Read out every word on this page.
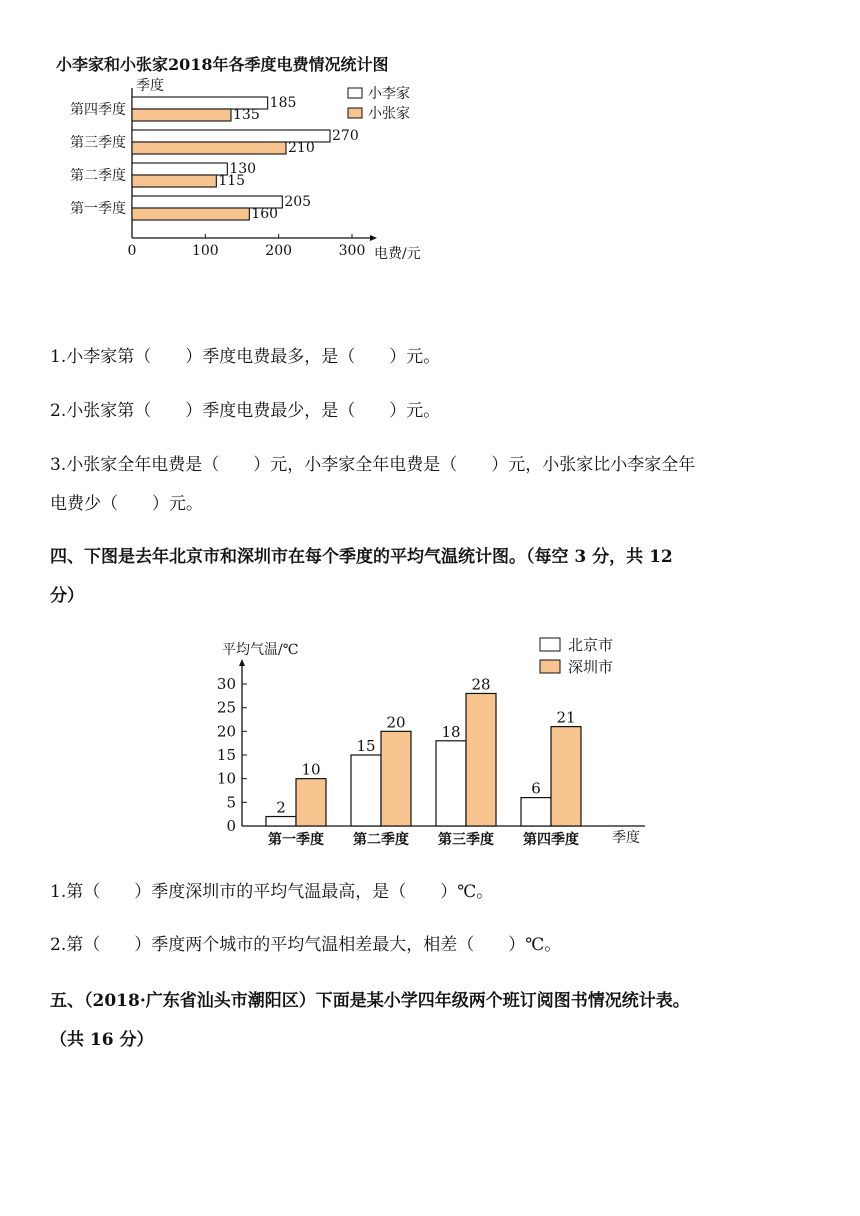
小李家和小张家2018年各季度电费情况统计图
季度
电费/元
第一季度
第二季度
第三季度
第四季度
205
160
130
115
270
210
185
135
0	100	200	300
小李家
小张家
1.小李家第（　　）季度电费最多，是（　　）元。
2.小张家第（　　）季度电费最少，是（　　）元。
3.小张家全年电费是（　　）元，小李家全年电费是（　　）元，小张家比小李家全年
电费少（　　）元。
四、下图是去年北京市和深圳市在每个季度的平均气温统计图。（每空 3 分，共 12
分）
平均气温/℃
季度
2
10
15
20
18
28
6
21
0
5
10
15
20
25
30
第一季度 第二季度 第三季度 第四季度
北京市
深圳市
1.第（　　）季度深圳市的平均气温最高，是（　　）℃。
2.第（　　）季度两个城市的平均气温相差最大，相差（　　）℃。
五、（2018·广东省汕头市潮阳区）下面是某小学四年级两个班订阅图书情况统计表。
（共 16 分）
